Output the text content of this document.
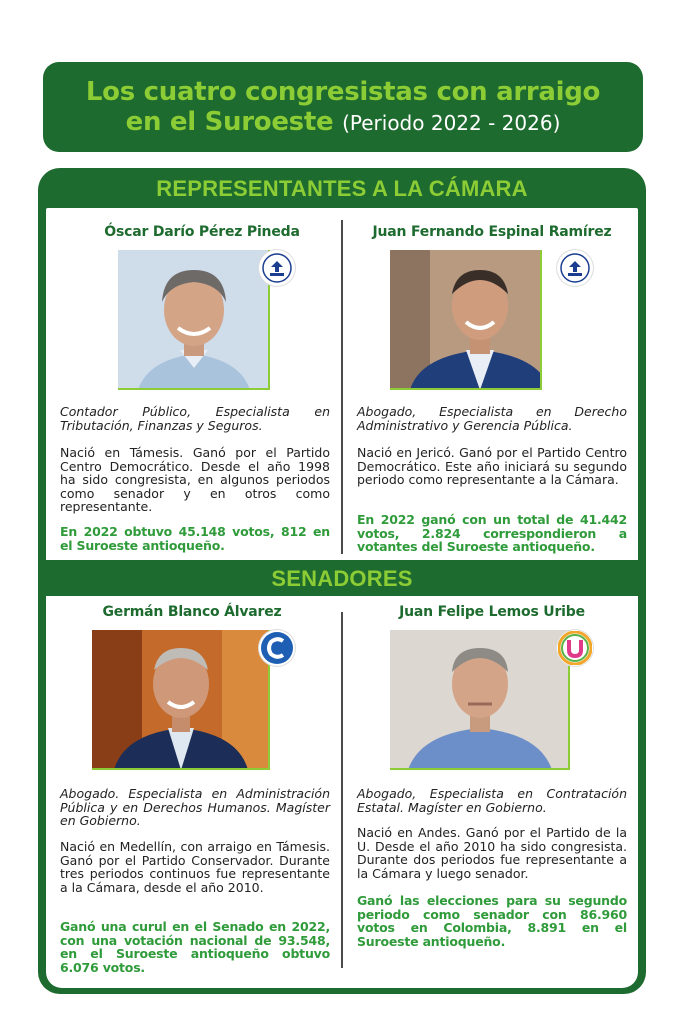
Los cuatro congresistas con arraigo
en el Suroeste (Periodo 2022 - 2026)
REPRESENTANTES A LA CÁMARA
SENADORES
Óscar Darío Pérez Pineda
Contador Público, Especialista en Tributación, Finanzas y Seguros.
Nació en Támesis. Ganó por el Partido Centro Democrático. Desde el año 1998 ha sido congresista, en algunos periodos como senador y en otros como representante.
En 2022 obtuvo 45.148 votos, 812 en el Suroeste antioqueño.
Juan Fernando Espinal Ramírez
Abogado, Especialista en Derecho Administrativo y Gerencia Pública.
Nació en Jericó. Ganó por el Partido Centro Democrático. Este año iniciará su segundo periodo como representante a la Cámara.
En 2022 ganó con un total de 41.442 votos, 2.824 correspondieron a votantes del Suroeste antioqueño.
Germán Blanco Álvarez
Abogado. Especialista en Administración Pública y en Derechos Humanos. Magíster en Gobierno.
Nació en Medellín, con arraigo en Támesis. Ganó por el Partido Conservador. Durante tres periodos continuos fue representante a la Cámara, desde el año 2010.
Ganó una curul en el Senado en 2022, con una votación nacional de 93.548, en el Suroeste antioqueño obtuvo 6.076 votos.
Juan Felipe Lemos Uribe
Abogado, Especialista en Contratación Estatal. Magíster en Gobierno.
Nació en Andes. Ganó por el Partido de la U. Desde el año 2010 ha sido congresista. Durante dos periodos fue representante a la Cámara y luego senador.
Ganó las elecciones para su segundo periodo como senador con 86.960 votos en Colombia, 8.891 en el Suroeste antioqueño.
